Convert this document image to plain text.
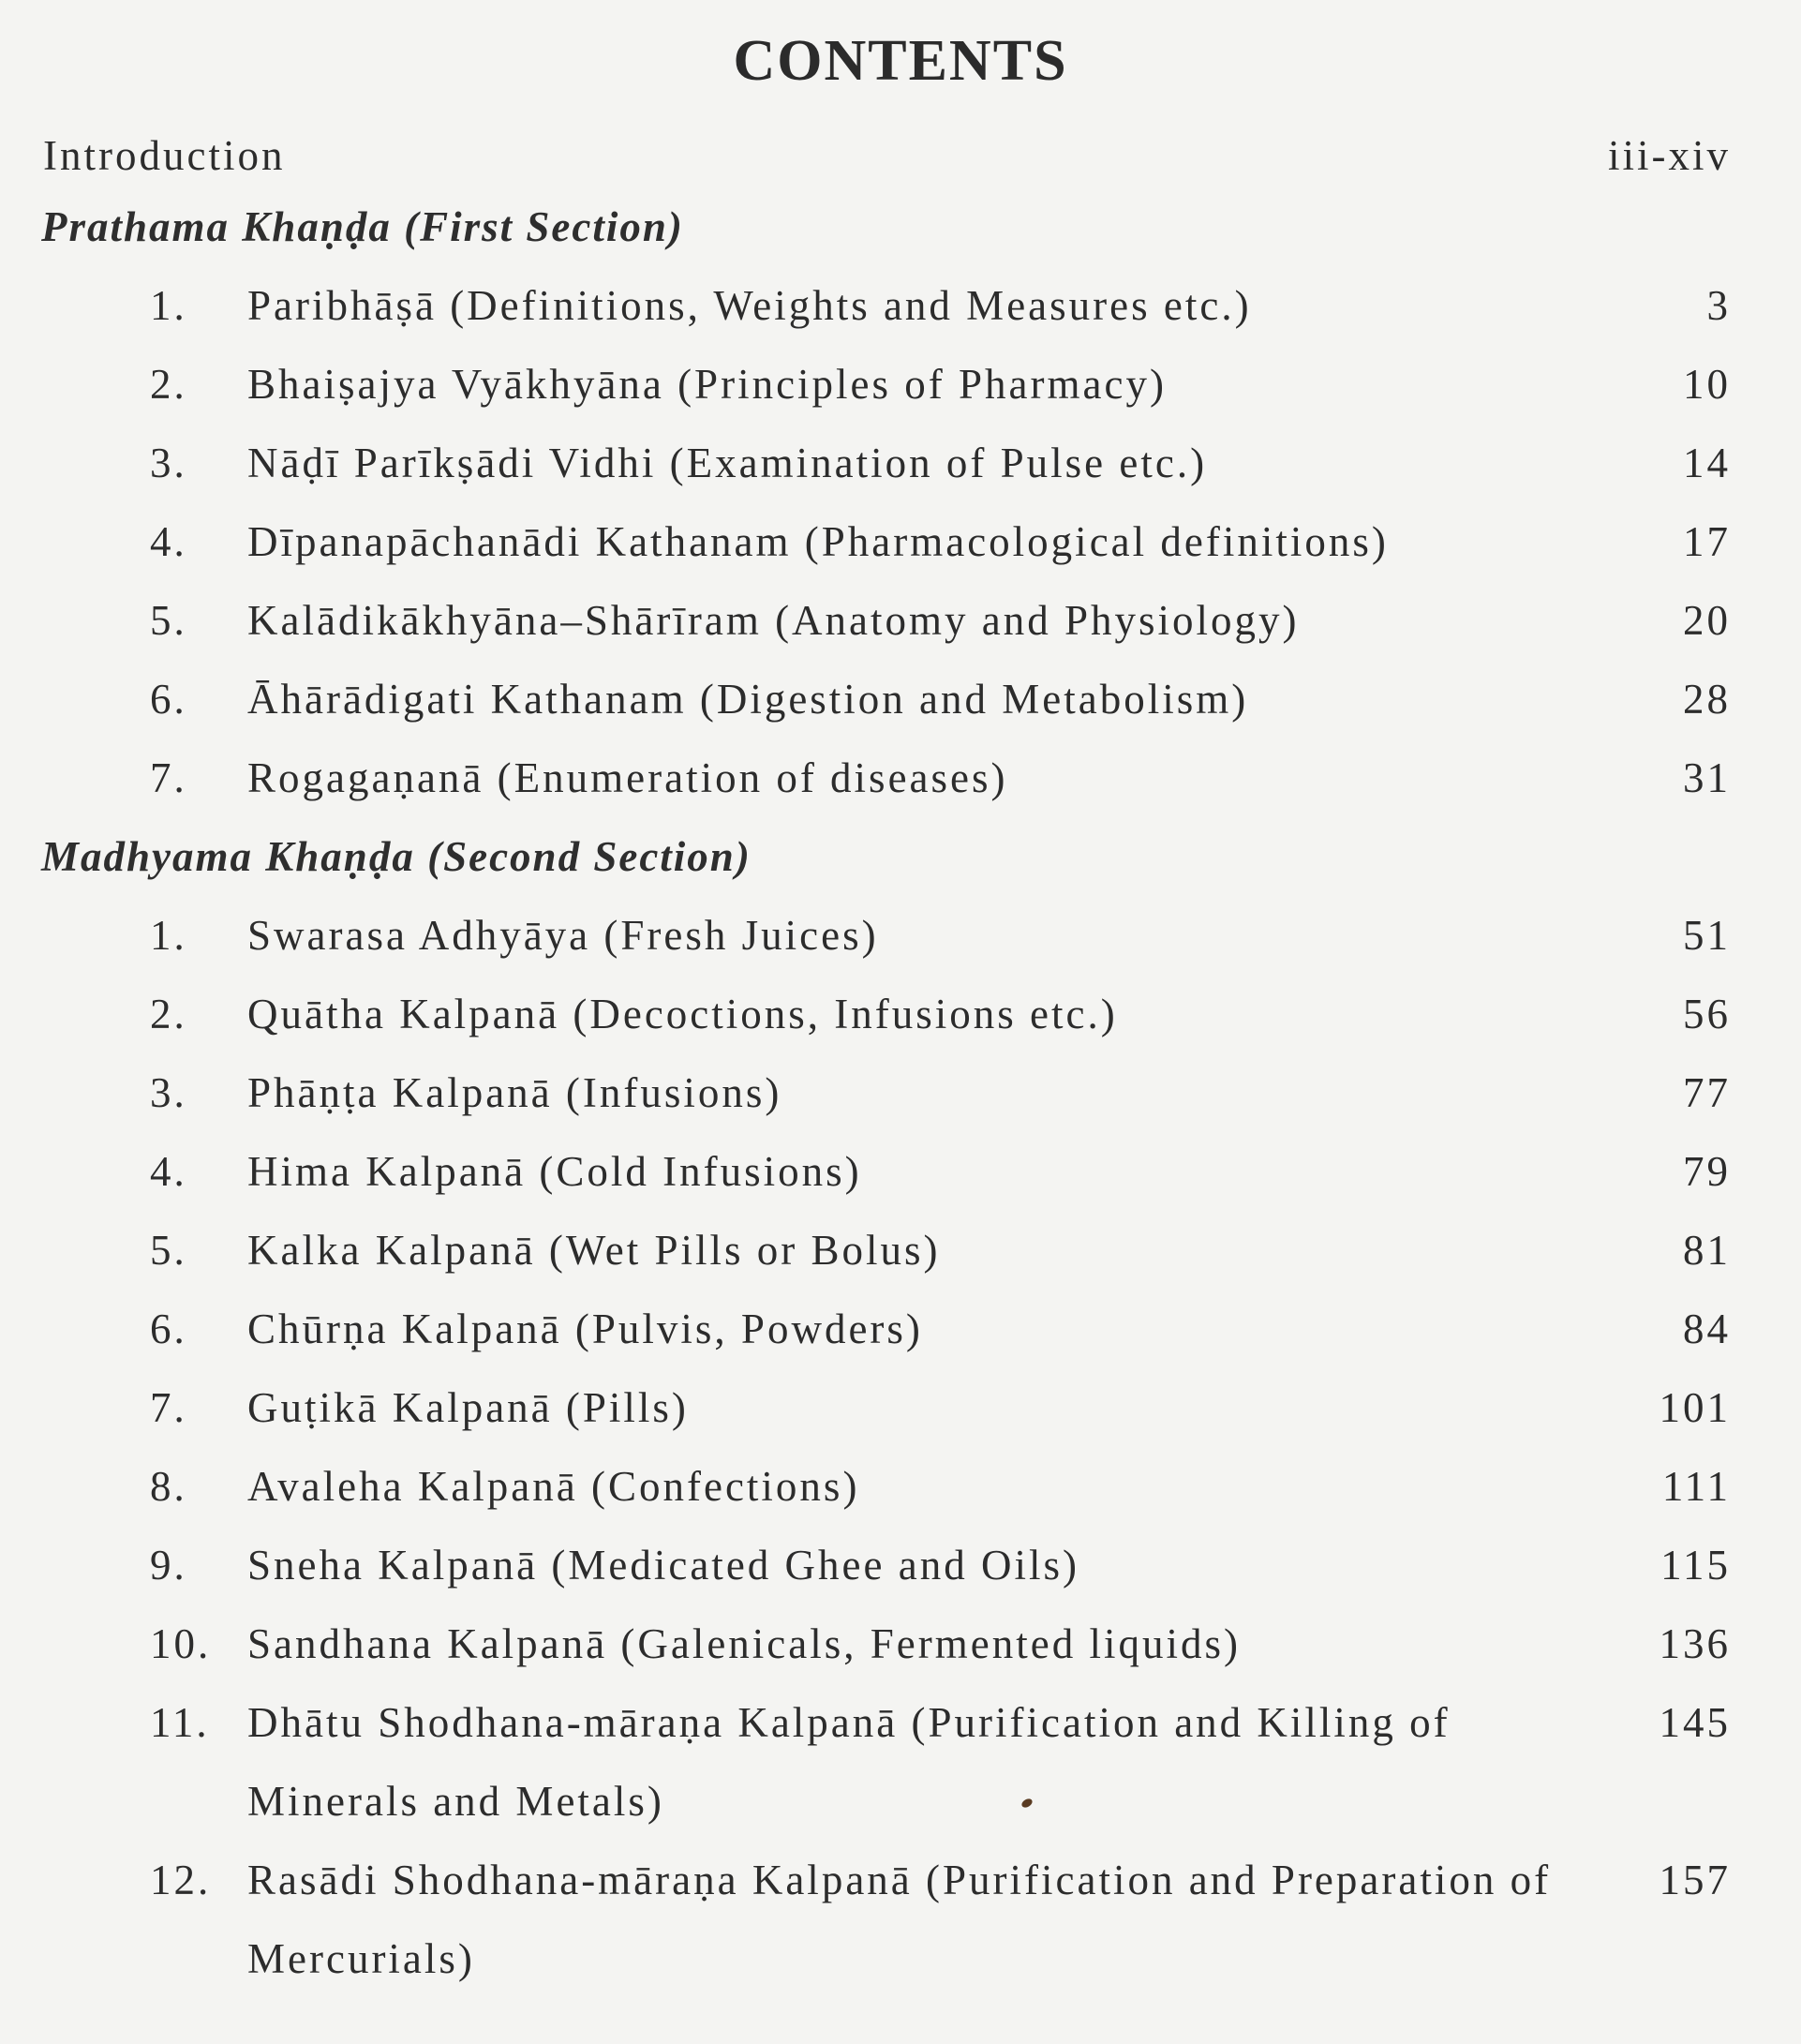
CONTENTS
Introduction	iii-xiv
Prathama Khaṇḍa (First Section)
1. Paribhāṣā (Definitions, Weights and Measures etc.)	3
2. Bhaiṣajya Vyākhyāna (Principles of Pharmacy)	10
3. Nāḍī Parīkṣādi Vidhi (Examination of Pulse etc.)	14
4. Dīpanapāchanādi Kathanam (Pharmacological definitions)	17
5. Kalādikākhyāna–Shārīram (Anatomy and Physiology)	20
6. Āhārādigati Kathanam (Digestion and Metabolism)	28
7. Rogagaṇanā (Enumeration of diseases)	31
Madhyama Khaṇḍa (Second Section)
1. Swarasa Adhyāya (Fresh Juices)	51
2. Quātha Kalpanā (Decoctions, Infusions etc.)	56
3. Phāṇṭa Kalpanā (Infusions)	77
4. Hima Kalpanā (Cold Infusions)	79
5. Kalka Kalpanā (Wet Pills or Bolus)	81
6. Chūrṇa Kalpanā (Pulvis, Powders)	84
7. Guṭikā Kalpanā (Pills)	101
8. Avaleha Kalpanā (Confections)	111
9. Sneha Kalpanā (Medicated Ghee and Oils)	115
10. Sandhana Kalpanā (Galenicals, Fermented liquids)	136
11. Dhātu Shodhana-māraṇa Kalpanā (Purification and Killing of	145
Minerals and Metals)
12. Rasādi Shodhana-māraṇa Kalpanā (Purification and Preparation of	157
Mercurials)
